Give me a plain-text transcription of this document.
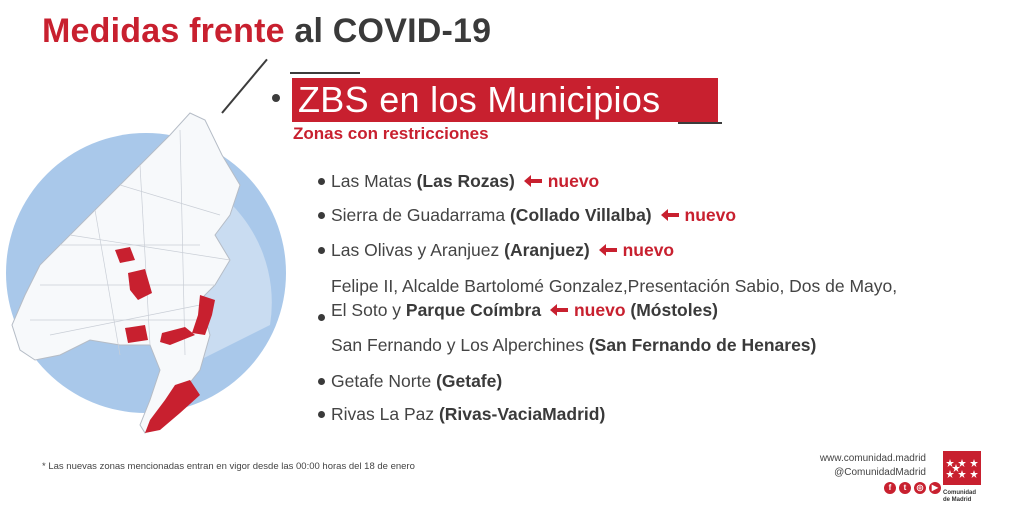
Medidas frente al COVID-19
ZBS en los Municipios
Zonas con restricciones
Las Matas (Las Rozas) nuevo
Sierra de Guadarrama (Collado Villalba) nuevo
Las Olivas y Aranjuez (Aranjuez) nuevo
Felipe II, Alcalde Bartolomé Gonzalez,Presentación Sabio, Dos de Mayo,
El Soto y Parque Coímbra nuevo (Móstoles)
San Fernando y Los Alperchines (San Fernando de Henares)
Getafe Norte (Getafe)
Rivas La Paz (Rivas-VaciaMadrid)
* Las nuevas zonas mencionadas entran en vigor desde las 00:00 horas del 18 de enero
www.comunidad.madrid
@ComunidadMadrid
f	t	◎	▶
Comunidad
de Madrid
